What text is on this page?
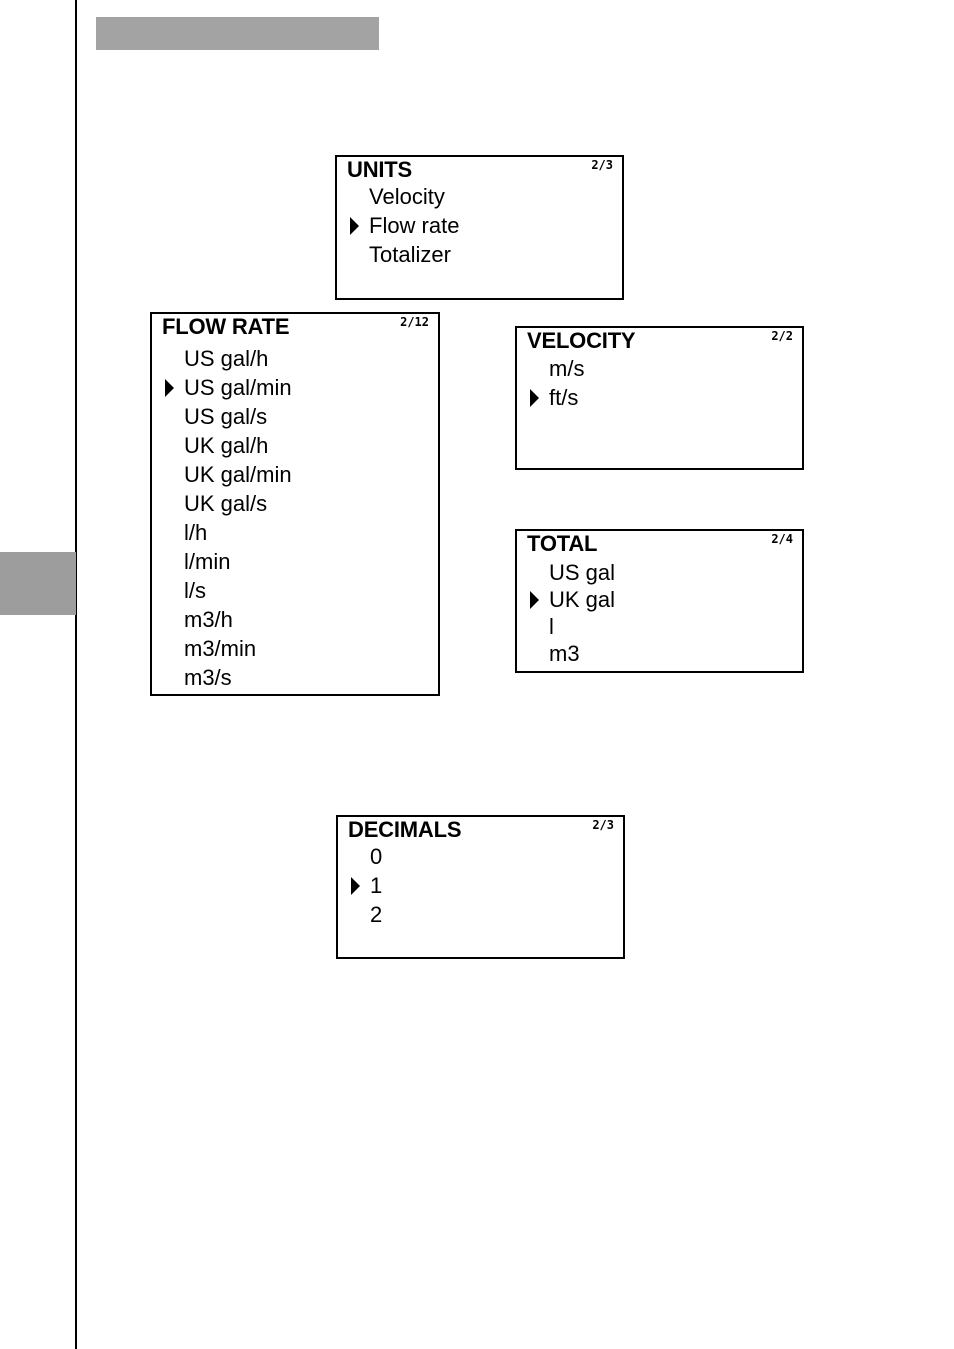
UNITS	2/3
Velocity
Flow rate
Totalizer
FLOW RATE	2/12
US gal/h
US gal/min
US gal/s
UK gal/h
UK gal/min
UK gal/s
l/h
l/min
l/s
m3/h
m3/min
m3/s
VELOCITY	2/2
m/s
ft/s
TOTAL	2/4
US gal
UK gal
l
m3
DECIMALS	2/3
0
1
2
